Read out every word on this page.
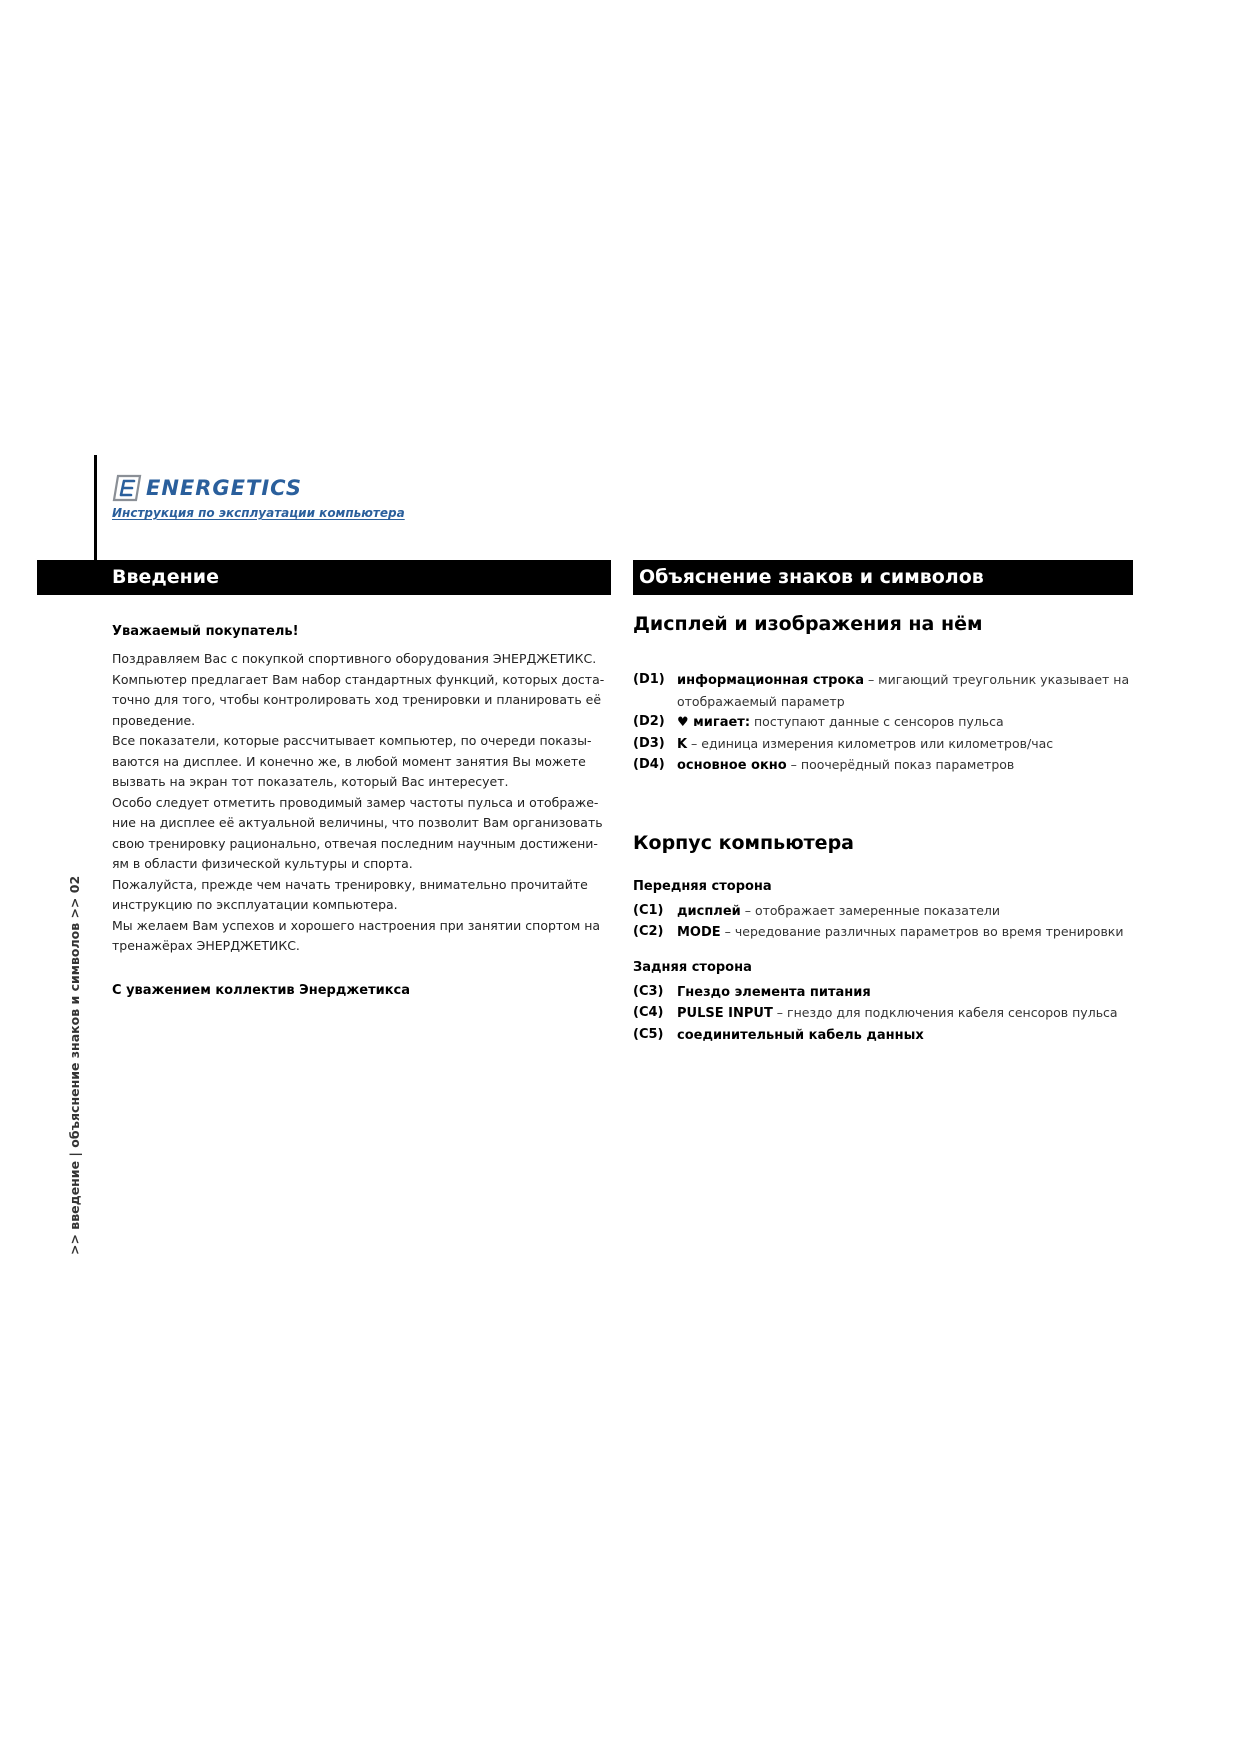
ENERGETICS
Инструкция по эксплуатации компьютера
Введение	Объяснение знаков и символов

Уважаемый покупатель!

Поздравляем Вас с покупкой спортивного оборудования ЭНЕРДЖЕТИКС.
Компьютер предлагает Вам набор стандартных функций, которых доста-
точно для того, чтобы контролировать ход тренировки и планировать её
проведение.
Все показатели, которые рассчитывает компьютер, по очереди показы-
ваются на дисплее. И конечно же, в любой момент занятия Вы можете
вызвать на экран тот показатель, который Вас интересует.
Особо следует отметить проводимый замер частоты пульса и отображе-
ние на дисплее её актуальной величины, что позволит Вам организовать
свою тренировку рационально, отвечая последним научным достижени-
ям в области физической культуры и спорта.
Пожалуйста, прежде чем начать тренировку, внимательно прочитайте
инструкцию по эксплуатации компьютера.
Мы желаем Вам успехов и хорошего настроения при занятии спортом на
тренажёрах ЭНЕРДЖЕТИКС.

С уважением коллектив Энерджетикса
Дисплей и изображения на нём
(D1) информационная строка – мигающий треугольник указывает на отображаемый параметр
(D2) ♥ мигает: поступают данные с сенсоров пульса
(D3) K – единица измерения километров или километров/час
(D4) основное окно – поочерёдный показ параметров
Корпус компьютера
Передняя сторона
(C1) дисплей – отображает замеренные показатели
(C2) MODE – чередование различных параметров во время тренировки
Задняя сторона
(C3) Гнездо элемента питания
(C4) PULSE INPUT – гнездо для подключения кабеля сенсоров пульса
(C5) соединительный кабель данных
>> введение | объяснение знаков и символов >> 02
